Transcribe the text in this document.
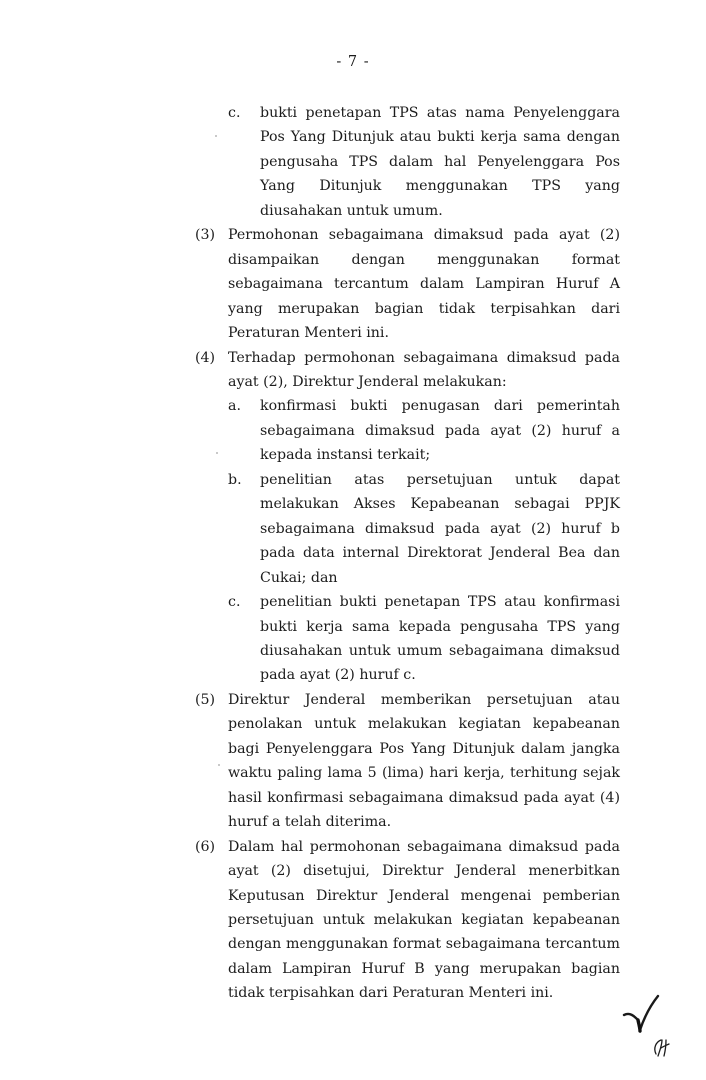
- 7 -
c. bukti penetapan TPS atas nama Penyelenggara Pos Yang Ditunjuk atau bukti kerja sama dengan pengusaha TPS dalam hal Penyelenggara Pos Yang Ditunjuk menggunakan TPS yang diusahakan untuk umum.
(3) Permohonan sebagaimana dimaksud pada ayat (2) disampaikan dengan menggunakan format sebagaimana tercantum dalam Lampiran Huruf A yang merupakan bagian tidak terpisahkan dari Peraturan Menteri ini.
(4) Terhadap permohonan sebagaimana dimaksud pada ayat (2), Direktur Jenderal melakukan:
a. konfirmasi bukti penugasan dari pemerintah sebagaimana dimaksud pada ayat (2) huruf a kepada instansi terkait;
b. penelitian atas persetujuan untuk dapat melakukan Akses Kepabeanan sebagai PPJK sebagaimana dimaksud pada ayat (2) huruf b pada data internal Direktorat Jenderal Bea dan Cukai; dan
c. penelitian bukti penetapan TPS atau konfirmasi bukti kerja sama kepada pengusaha TPS yang diusahakan untuk umum sebagaimana dimaksud pada ayat (2) huruf c.
(5) Direktur Jenderal memberikan persetujuan atau penolakan untuk melakukan kegiatan kepabeanan bagi Penyelenggara Pos Yang Ditunjuk dalam jangka waktu paling lama 5 (lima) hari kerja, terhitung sejak hasil konfirmasi sebagaimana dimaksud pada ayat (4) huruf a telah diterima.
(6) Dalam hal permohonan sebagaimana dimaksud pada ayat (2) disetujui, Direktur Jenderal menerbitkan Keputusan Direktur Jenderal mengenai pemberian persetujuan untuk melakukan kegiatan kepabeanan dengan menggunakan format sebagaimana tercantum dalam Lampiran Huruf B yang merupakan bagian tidak terpisahkan dari Peraturan Menteri ini.
